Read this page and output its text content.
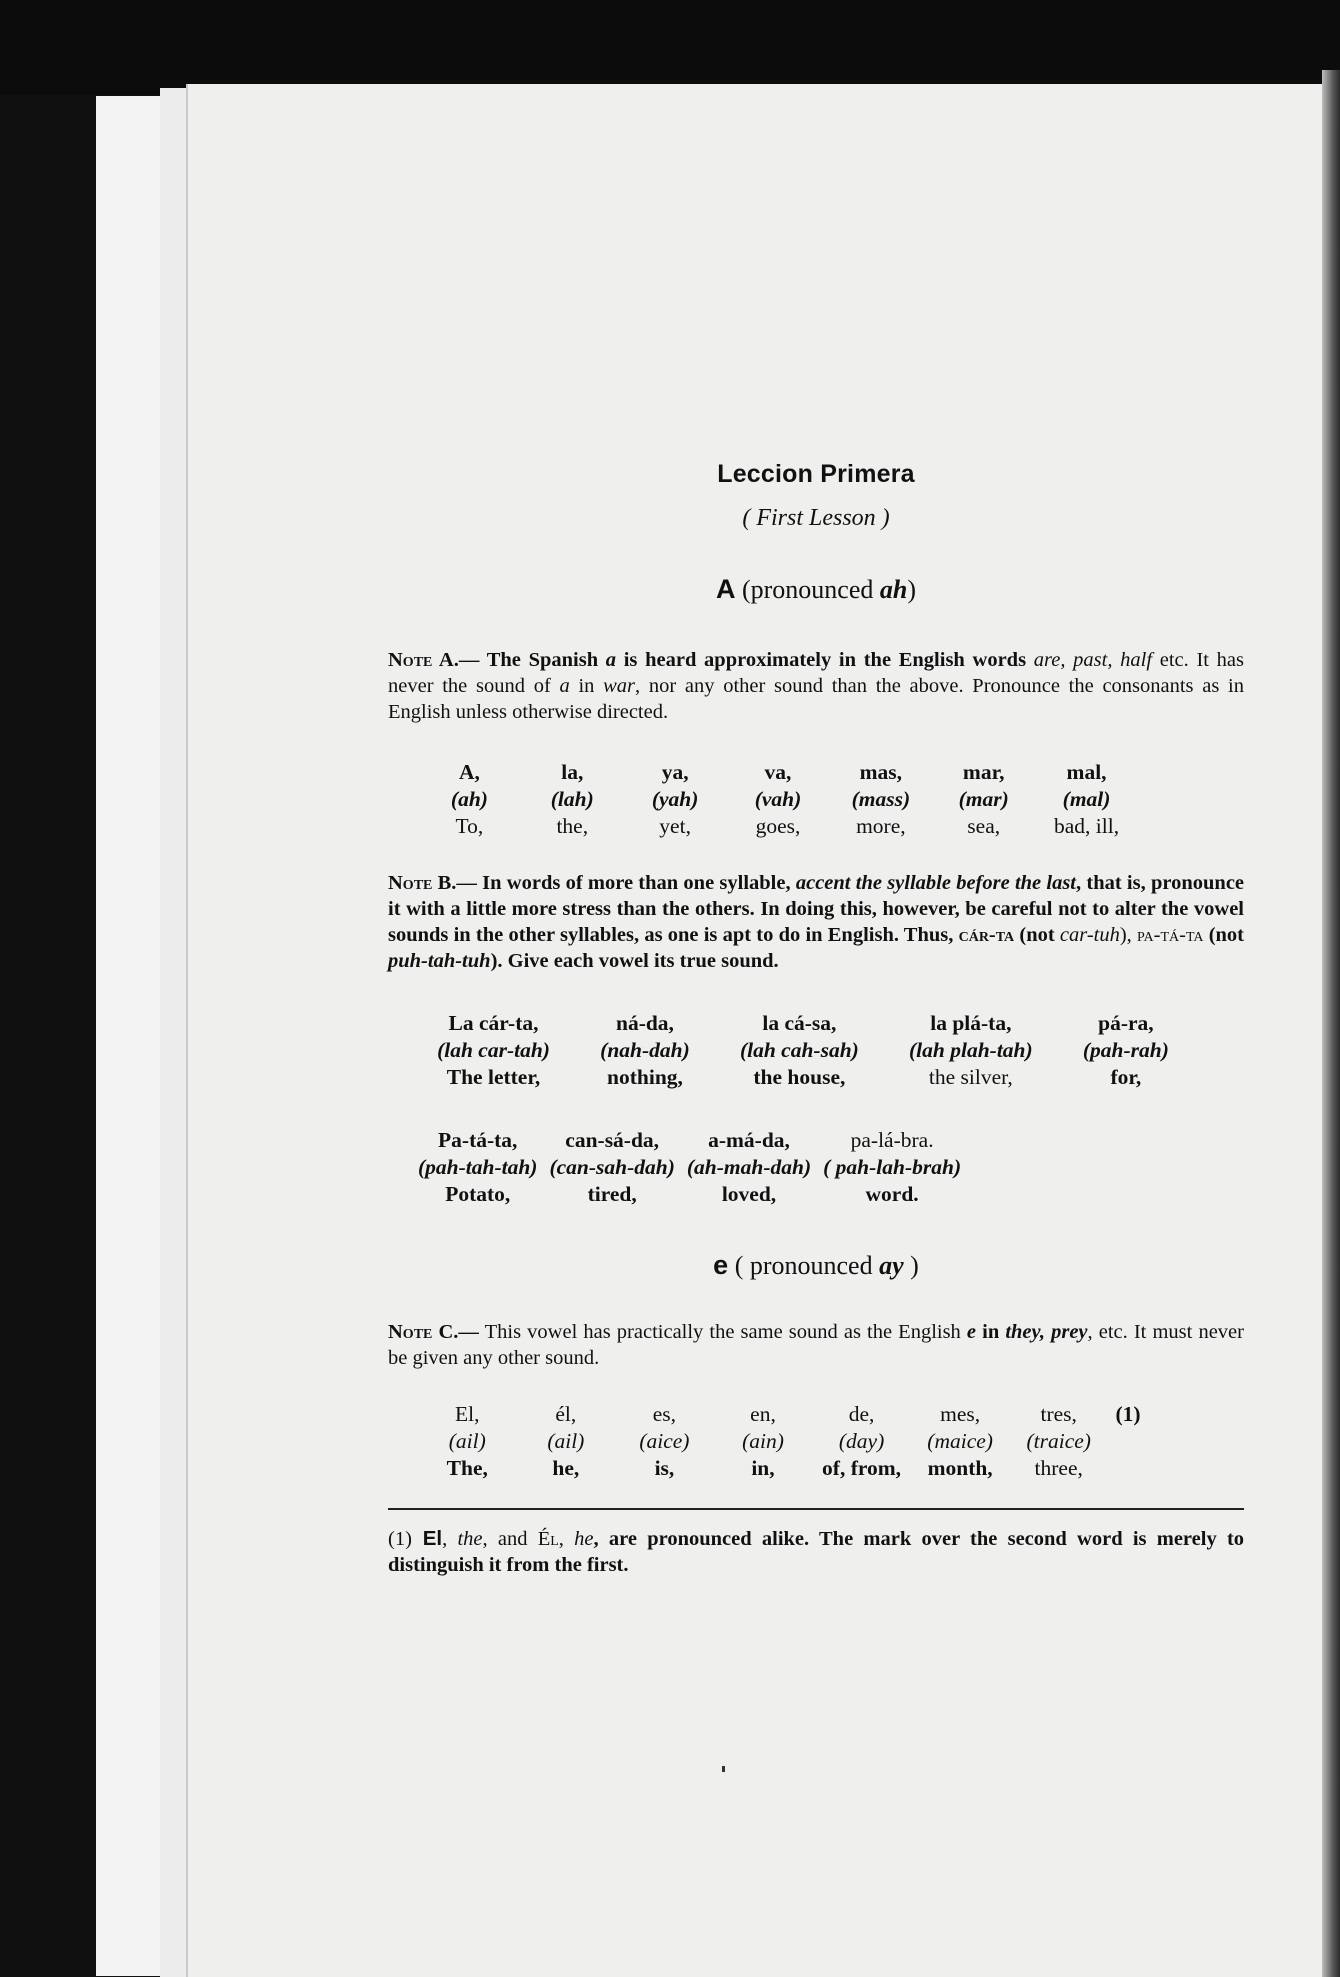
Leccion Primera

( First Lesson )

A (pronounced ah)

Note A.— The Spanish a is heard approximately in the English words are, past, half etc. It has never the sound of a in war, nor any other sound than the above. Pronounce the consonants as in English unless otherwise directed.

A,	la,	ya,	va,	mas,	mar,	mal,
(ah)	(lah)	(yah)	(vah)	(mass)	(mar)	(mal)
To,	the,	yet,	goes,	more,	sea,	bad, ill,

Note B.— In words of more than one syllable, accent the syllable before the last, that is, pronounce it with a little more stress than the others. In doing this, however, be careful not to alter the vowel sounds in the other syllables, as one is apt to do in English. Thus, cár-ta (not car-tuh), pa-tá-ta (not puh-tah-tuh). Give each vowel its true sound.

La cár-ta,	ná-da,	la cá-sa,	la plá-ta,	pá-ra,
(lah car-tah)	(nah-dah)	(lah cah-sah)	(lah plah-tah)	(pah-rah)
The letter,	nothing,	the house,	the silver,	for,
Pa-tá-ta,	can-sá-da,	a-má-da,	pa-lá-bra.
(pah-tah-tah) (can-sah-dah) (ah-mah-dah) ( pah-lah-brah)
Potato,	tired,	loved,	word.

e ( pronounced ay )

Note C.— This vowel has practically the same sound as the English e in they, prey, etc. It must never be given any other sound.

El,	él,	es,	en,	de,	mes,	tres,	(1)
(ail)	(ail)	(aice)	(ain)	(day)	(maice)	(traice)
The,	he,	is,	in,	of, from,	month,	three,

(1) El, the, and Él, he, are pronounced alike. The mark over the second word is merely to distinguish it from the first.
